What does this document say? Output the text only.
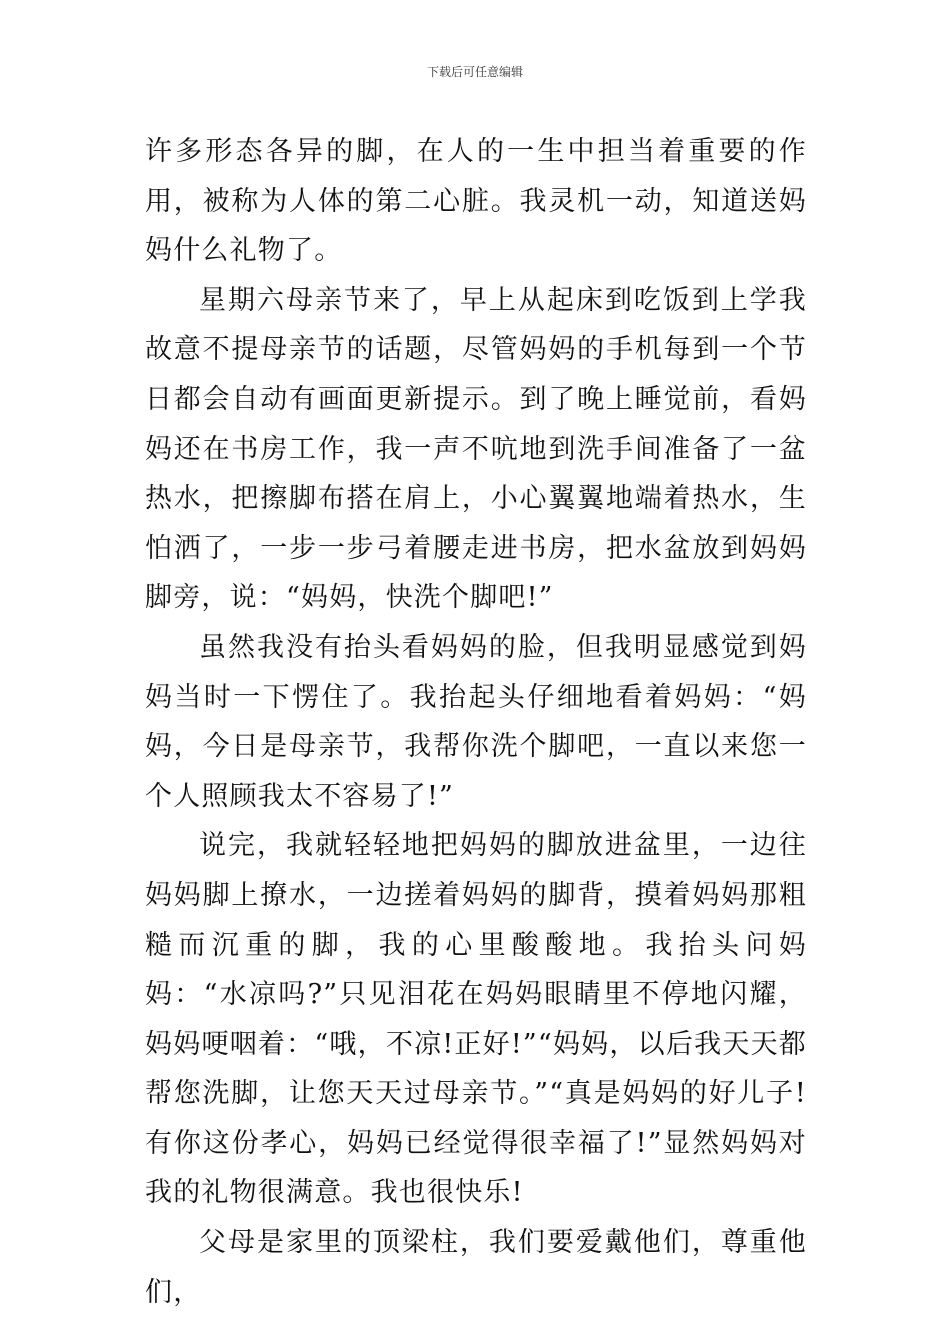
下载后可任意编辑

许多形态各异的脚，在人的一生中担当着重要的作用，被称为人体的第二心脏。我灵机一动，知道送妈妈什么礼物了。

星期六母亲节来了，早上从起床到吃饭到上学我故意不提母亲节的话题，尽管妈妈的手机每到一个节日都会自动有画面更新提示。到了晚上睡觉前，看妈妈还在书房工作，我一声不吭地到洗手间准备了一盆热水，把擦脚布搭在肩上，小心翼翼地端着热水，生怕洒了，一步一步弓着腰走进书房，把水盆放到妈妈脚旁，说：“妈妈，快洗个脚吧!”

虽然我没有抬头看妈妈的脸，但我明显感觉到妈妈当时一下愣住了。我抬起头仔细地看着妈妈：“妈妈，今日是母亲节，我帮你洗个脚吧，一直以来您一个人照顾我太不容易了!”

说完，我就轻轻地把妈妈的脚放进盆里，一边往妈妈脚上撩水，一边搓着妈妈的脚背，摸着妈妈那粗糙而沉重的脚，我的心里酸酸地。我抬头问妈妈：“水凉吗?”只见泪花在妈妈眼睛里不停地闪耀，妈妈哽咽着：“哦，不凉!正好!”“妈妈，以后我天天都帮您洗脚，让您天天过母亲节。”“真是妈妈的好儿子!有你这份孝心，妈妈已经觉得很幸福了!”显然妈妈对我的礼物很满意。我也很快乐!

父母是家里的顶梁柱，我们要爱戴他们，尊重他们，
